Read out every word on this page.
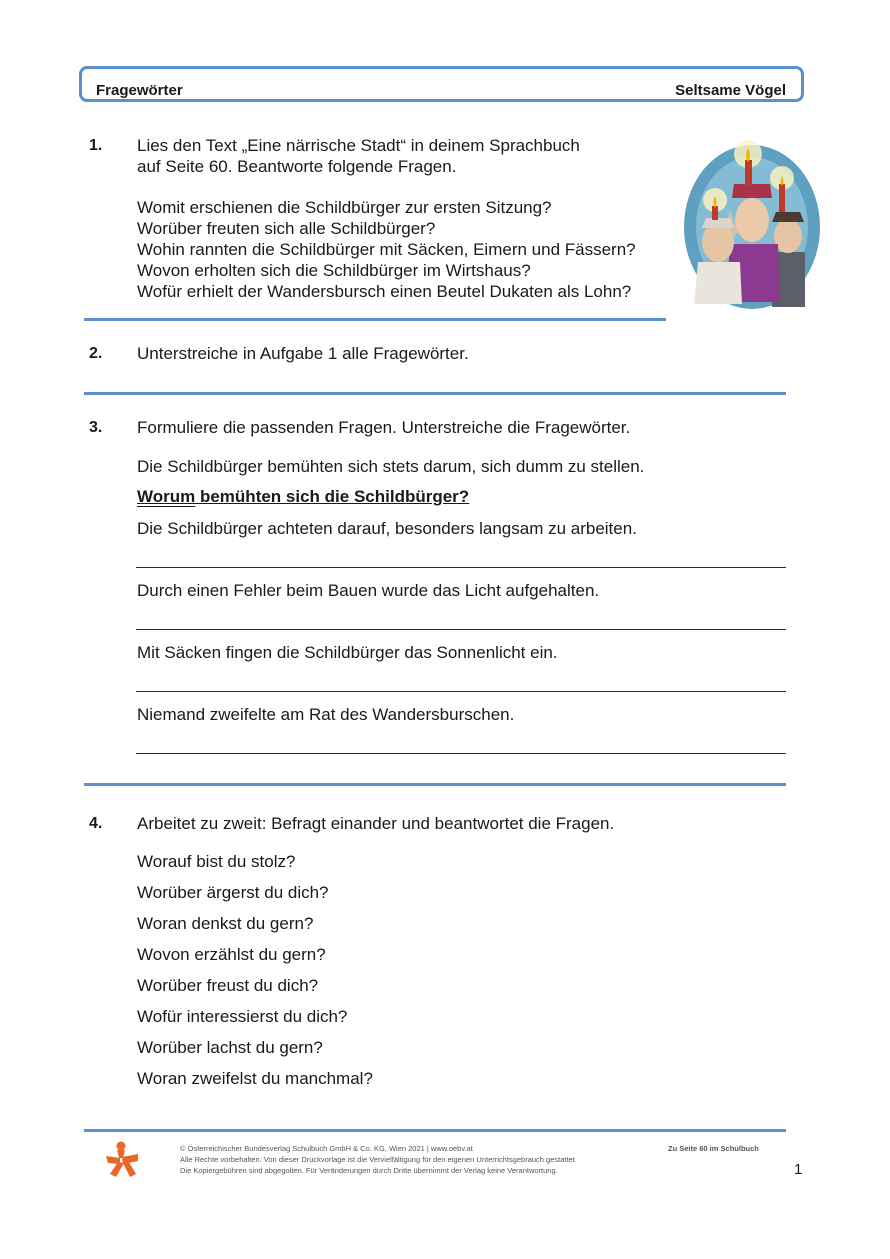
Fragewörter	Seltsame Vögel
1. Lies den Text „Eine närrische Stadt“ in deinem Sprachbuch
auf Seite 60. Beantworte folgende Fragen.
Womit erschienen die Schildbürger zur ersten Sitzung?
Worüber freuten sich alle Schildbürger?
Wohin rannten die Schildbürger mit Säcken, Eimern und Fässern?
Wovon erholten sich die Schildbürger im Wirtshaus?
Wofür erhielt der Wandersbursch einen Beutel Dukaten als Lohn?
2. Unterstreiche in Aufgabe 1 alle Fragewörter.
3. Formuliere die passenden Fragen. Unterstreiche die Fragewörter.
Die Schildbürger bemühten sich stets darum, sich dumm zu stellen.
Worum bemühten sich die Schildbürger?
Die Schildbürger achteten darauf, besonders langsam zu arbeiten.
Durch einen Fehler beim Bauen wurde das Licht aufgehalten.
Mit Säcken fingen die Schildbürger das Sonnenlicht ein.
Niemand zweifelte am Rat des Wandersburschen.
4. Arbeitet zu zweit: Befragt einander und beantwortet die Fragen.
Worauf bist du stolz?
Worüber ärgerst du dich?
Woran denkst du gern?
Wovon erzählst du gern?
Worüber freust du dich?
Wofür interessierst du dich?
Worüber lachst du gern?
Woran zweifelst du manchmal?
© Österreichischer Bundesverlag Schulbuch GmbH & Co. KG, Wien 2021 | www.oebv.at
Alle Rechte vorbehalten. Von dieser Druckvorlage ist die Vervielfältigung für den eigenen Unterrichtsgebrauch gestattet.
Die Kopiergebühren sind abgegolten. Für Veränderungen durch Dritte übernimmt der Verlag keine Verantwortung.
Zu Seite 60 im Schulbuch
1
